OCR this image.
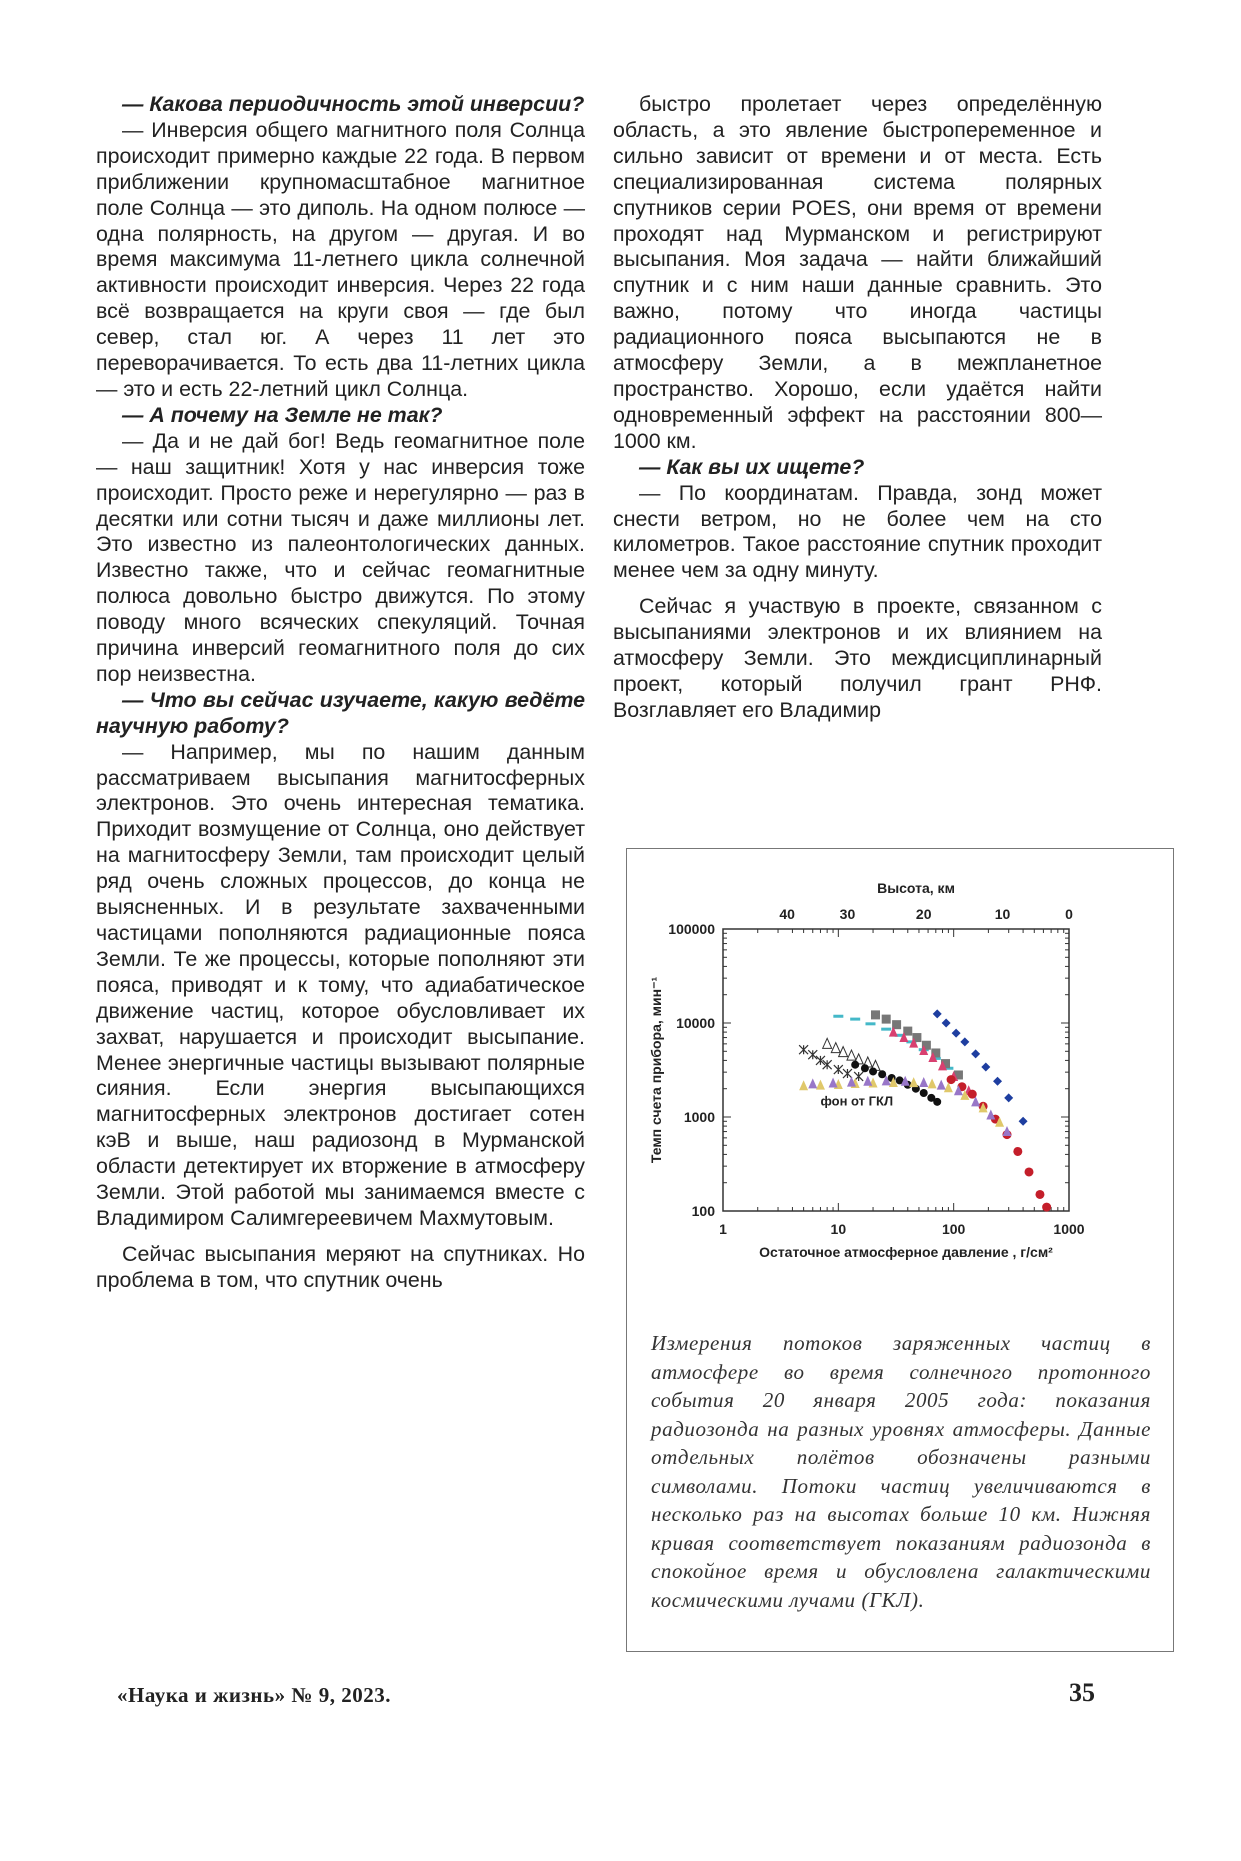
— Какова периодичность этой инверсии?

— Инверсия общего магнитного поля Солнца происходит примерно каждые 22 года. В первом приближении крупномасштабное магнитное поле Солнца — это диполь. На одном полюсе — одна полярность, на другом — другая. И во время максимума 11-летнего цикла солнечной активности происходит инверсия. Через 22 года всё возвращается на круги своя — где был север, стал юг. А через 11 лет это переворачивается. То есть два 11-летних цикла — это и есть 22-летний цикл Солнца.

— А почему на Земле не так?

— Да и не дай бог! Ведь геомагнитное поле — наш защитник! Хотя у нас инверсия тоже происходит. Просто реже и нерегулярно — раз в десятки или сотни тысяч и даже миллионы лет. Это известно из палеонтологических данных. Известно также, что и сейчас геомагнитные полюса довольно быстро движутся. По этому поводу много всяческих спекуляций. Точная причина инверсий геомагнитного поля до сих пор неизвестна.

— Что вы сейчас изучаете, какую ведёте научную работу?

— Например, мы по нашим данным рассматриваем высыпания магнитосферных электронов. Это очень интересная тематика. Приходит возмущение от Солнца, оно действует на магнитосферу Земли, там происходит целый ряд очень сложных процессов, до конца не выясненных. И в результате захваченными частицами пополняются радиационные пояса Земли. Те же процессы, которые пополняют эти пояса, приводят и к тому, что адиабатическое движение частиц, которое обусловливает их захват, нарушается и происходит высыпание. Менее энергичные частицы вызывают полярные сияния. Если энергия высыпающихся магнитосферных электронов достигает сотен кэВ и выше, наш радиозонд в Мурманской области детектирует их вторжение в атмосферу Земли. Этой работой мы занимаемся вместе с Владимиром Салимгереевичем Махмутовым.

Сейчас высыпания меряют на спутниках. Но проблема в том, что спутник очень

быстро пролетает через определённую область, а это явление быстропеременное и сильно зависит от времени и от места. Есть специализированная система полярных спутников серии POES, они время от времени проходят над Мурманском и регистрируют высыпания. Моя задача — найти ближайший спутник и с ним наши данные сравнить. Это важно, потому что иногда частицы радиационного пояса высыпаются не в атмосферу Земли, а в межпланетное пространство. Хорошо, если удаётся найти одновременный эффект на расстоянии 800—1000 км.

— Как вы их ищете?

— По координатам. Правда, зонд может снести ветром, но не более чем на сто километров. Такое расстояние спутник проходит менее чем за одну минуту.

Сейчас я участвую в проекте, связанном с высыпаниями электронов и их влиянием на атмосферу Земли. Это междисциплинарный проект, который получил грант РНФ. Возглавляет его Владимир

1	10	100	1000
100
1000
10000
100000
40	30	20	10	0
Остаточное атмосферное давление , г/см²
Высота, км
Темп счета прибора, мин⁻¹	фон от ГКЛ
Измерения потоков заряженных частиц в атмосфере во время солнечного протонного события 20 января 2005 года: показания радиозонда на разных уровнях атмосферы. Данные отдельных полётов обозначены разными символами. Потоки частиц увеличиваются в несколько раз на высотах больше 10 км. Нижняя кривая соответствует показаниям радиозонда в спокойное время и обусловлена галактическими космическими лучами (ГКЛ).
«Наука и жизнь» № 9, 2023.	35
